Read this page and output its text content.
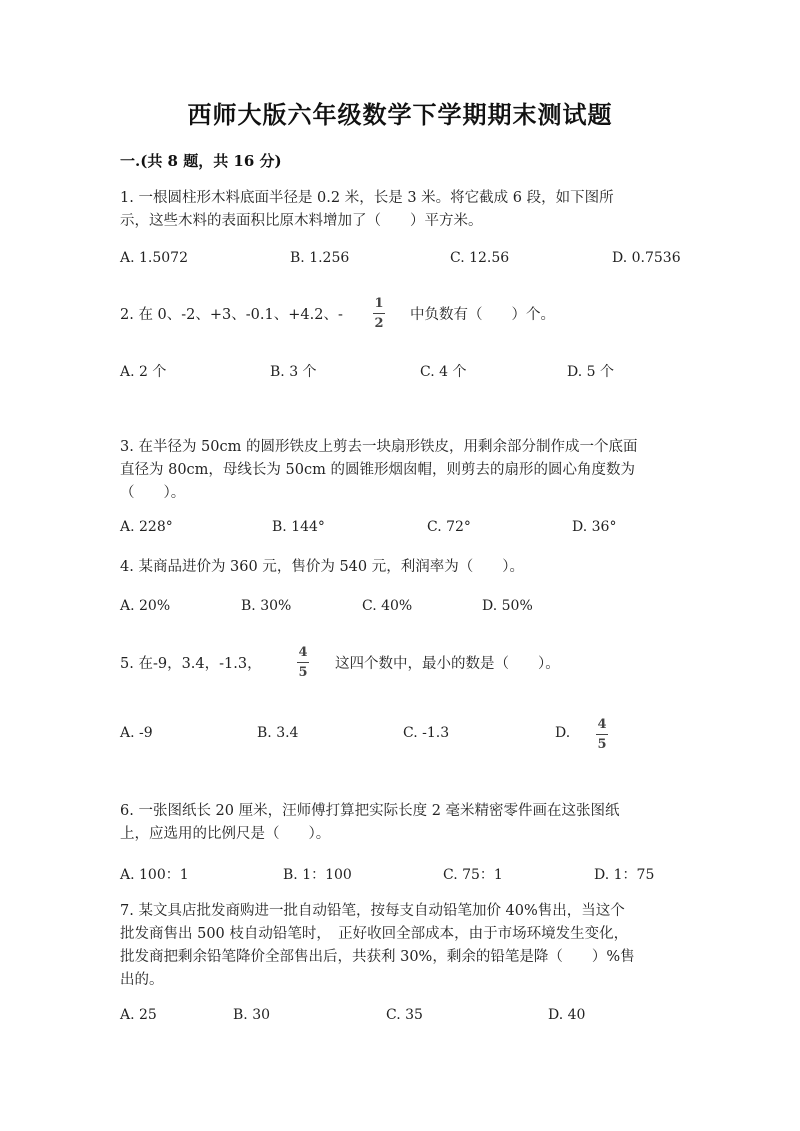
西师大版六年级数学下学期期末测试题
一.(共 8 题，共 16 分)
1. 一根圆柱形木料底面半径是 0.2 米，长是 3 米。将它截成 6 段，如下图所
示，这些木料的表面积比原木料增加了（　　）平方米。
A. 1.5072	B. 1.256	C. 12.56	D. 0.7536
2. 在 0、-2、+3、-0.1、+4.2、-
1
2
中负数有（　　）个。
A. 2 个	B. 3 个	C. 4 个	D. 5 个
3. 在半径为 50cm 的圆形铁皮上剪去一块扇形铁皮，用剩余部分制作成一个底面
直径为 80cm，母线长为 50cm 的圆锥形烟囱帽，则剪去的扇形的圆心角度数为
（　　）。
A. 228°	B. 144°	C. 72°	D. 36°
4. 某商品进价为 360 元，售价为 540 元，利润率为（　　）。
A. 20%	B. 30%	C. 40%	D. 50%
5. 在-9，3.4，-1.3，
4
5
这四个数中，最小的数是（　　）。
A. -9	B. 3.4	C. -1.3	D.
4
5
6. 一张图纸长 20 厘米，汪师傅打算把实际长度 2 毫米精密零件画在这张图纸
上，应选用的比例尺是（　　）。
A. 100：1	B. 1：100	C. 75：1	D. 1：75
7. 某文具店批发商购进一批自动铅笔，按每支自动铅笔加价 40%售出，当这个
批发商售出 500 枝自动铅笔时，　正好收回全部成本，由于市场环境发生变化，
批发商把剩余铅笔降价全部售出后，共获利 30%，剩余的铅笔是降（　　）%售
出的。
A. 25	B. 30	C. 35	D. 40
